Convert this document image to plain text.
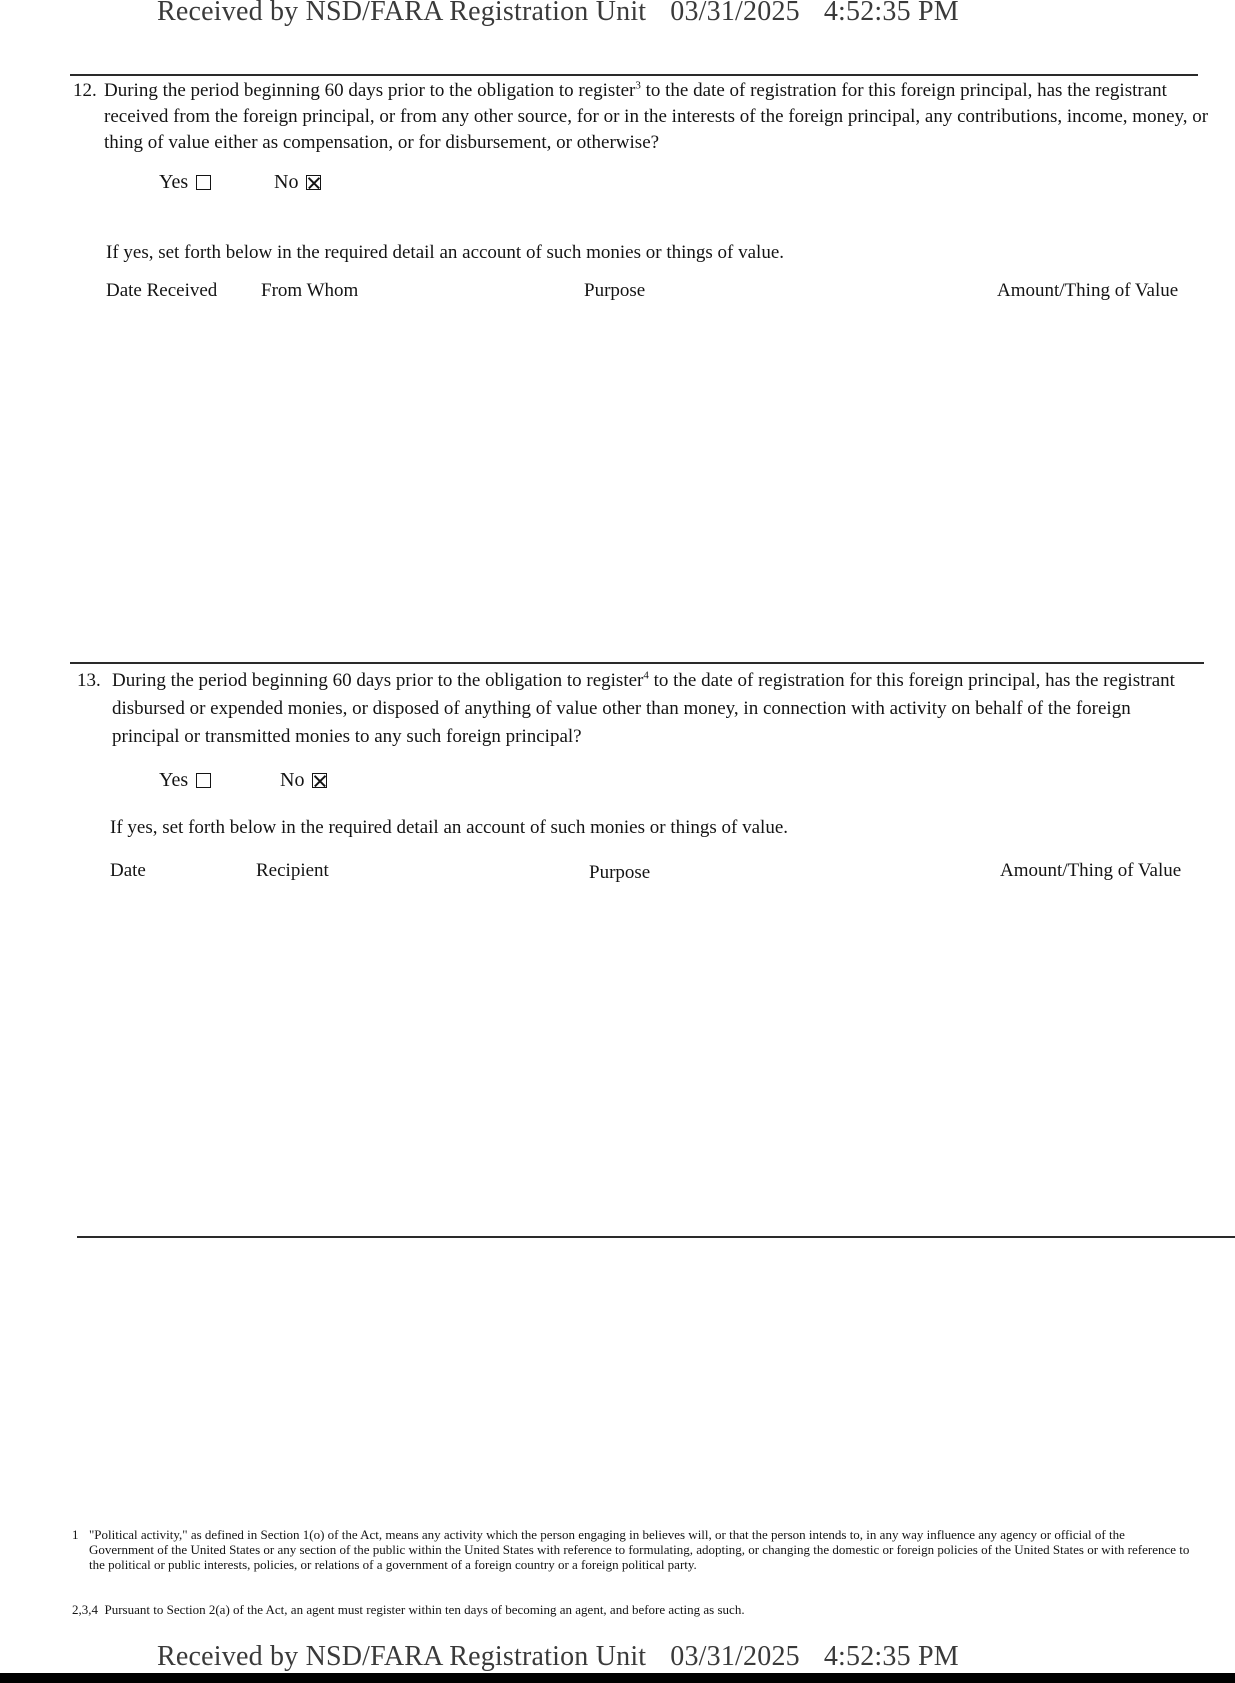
Received by NSD/FARA Registration Unit 03/31/2025 4:52:35 PM
12. During the period beginning 60 days prior to the obligation to register$^3$ to the date of registration for this foreign principal, has the registrant received from the foreign principal, or from any other source, for or in the interests of the foreign principal, any contributions, income, money, or thing of value either as compensation, or for disbursement, or otherwise?
Yes	No
If yes, set forth below in the required detail an account of such monies or things of value.
Date Received From Whom	Purpose	Amount/Thing of Value
13. During the period beginning 60 days prior to the obligation to register$^4$ to the date of registration for this foreign principal, has the registrant disbursed or expended monies, or disposed of anything of value other than money, in connection with activity on behalf of the foreign principal or transmitted monies to any such foreign principal?
Yes	No
If yes, set forth below in the required detail an account of such monies or things of value.
Date	Recipient	Purpose	Amount/Thing of Value
1 "Political activity," as defined in Section 1(o) of the Act, means any activity which the person engaging in believes will, or that the person intends to, in any way influence any agency or official of the Government of the United States or any section of the public within the United States with reference to formulating, adopting, or changing the domestic or foreign policies of the United States or with reference to the political or public interests, policies, or relations of a government of a foreign country or a foreign political party.
2,3,4 Pursuant to Section 2(a) of the Act, an agent must register within ten days of becoming an agent, and before acting as such.
Received by NSD/FARA Registration Unit 03/31/2025 4:52:35 PM
